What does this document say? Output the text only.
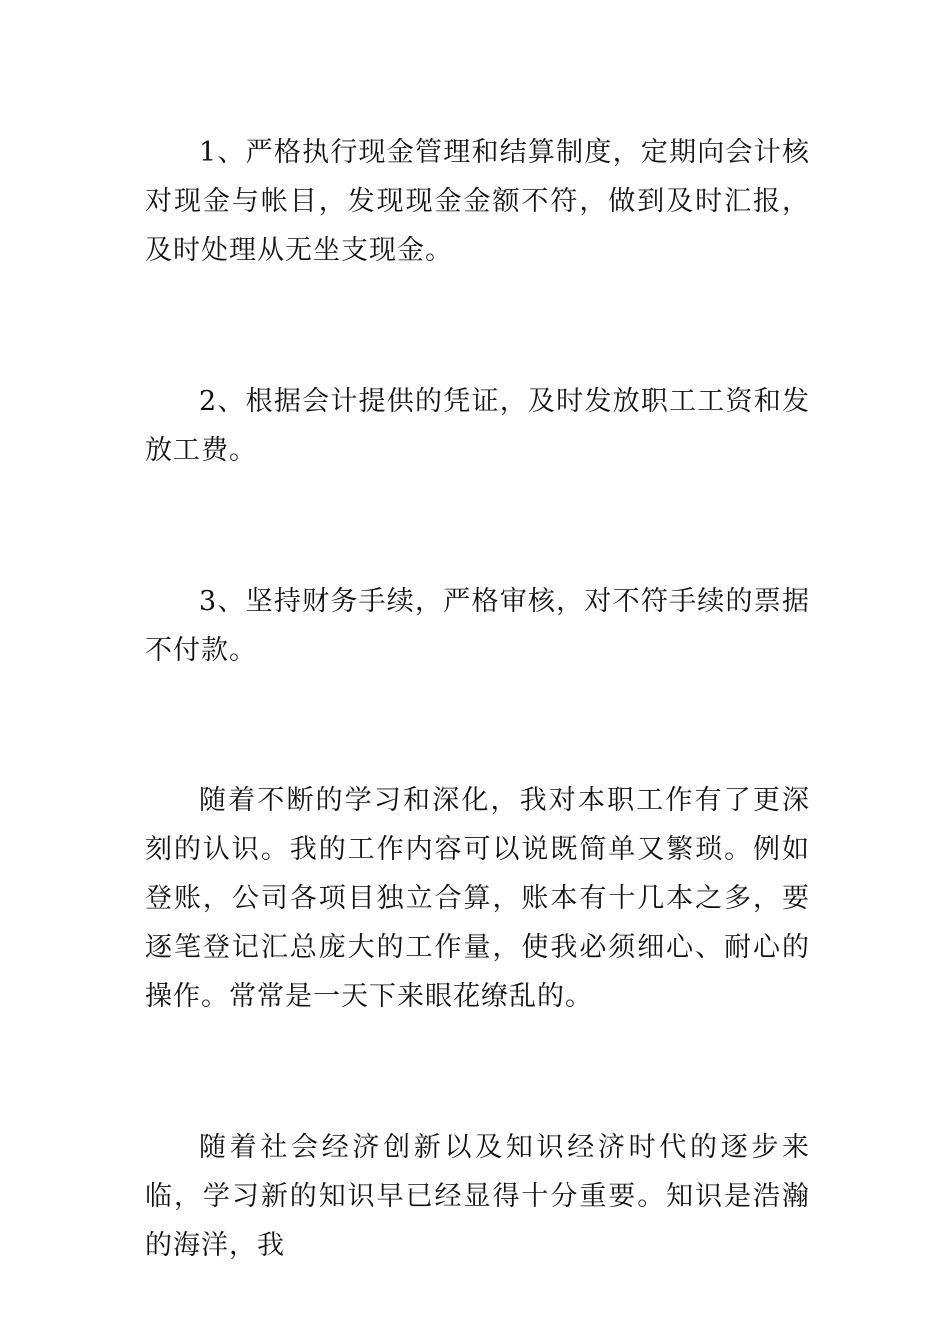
1、严格执行现金管理和结算制度，定期向会计核对现金与帐目，发现现金金额不符，做到及时汇报，及时处理从无坐支现金。

2、根据会计提供的凭证，及时发放职工工资和发放工费。

3、坚持财务手续，严格审核，对不符手续的票据不付款。

随着不断的学习和深化，我对本职工作有了更深刻的认识。我的工作内容可以说既简单又繁琐。例如登账，公司各项目独立合算，账本有十几本之多，要逐笔登记汇总庞大的工作量，使我必须细心、耐心的操作。常常是一天下来眼花缭乱的。

随着社会经济创新以及知识经济时代的逐步来临，学习新的知识早已经显得十分重要。知识是浩瀚的海洋，我
